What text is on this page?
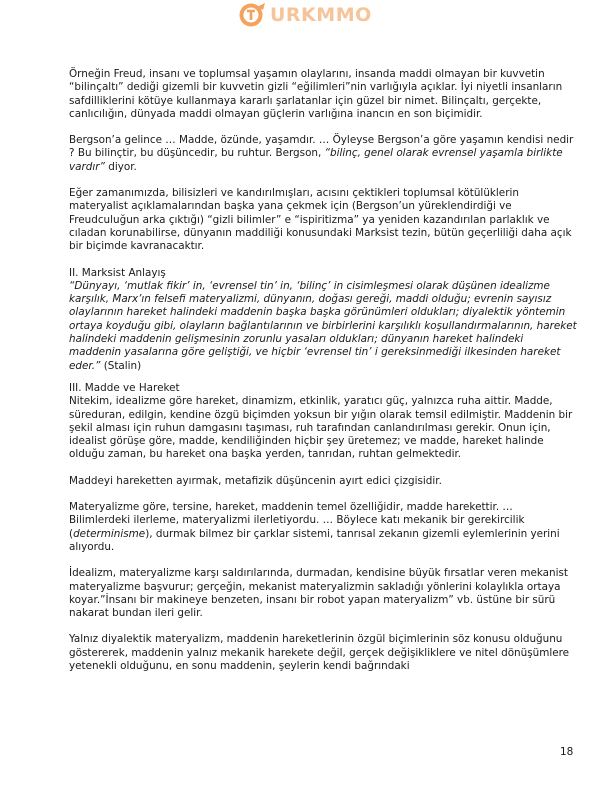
URKMMO

Örneğin Freud, insanı ve toplumsal yaşamın olaylarını, insanda maddi olmayan bir kuvvetin “bilinçaltı” dediği gizemli bir kuvvetin gizli “eğilimleri”nin varlığıyla açıklar. İyi niyetli insanların safdilliklerini kötüye kullanmaya kararlı şarlatanlar için güzel bir nimet. Bilinçaltı, gerçekte, canlıcılığın, dünyada maddi olmayan güçlerin varlığına inancın en son biçimidir.

Bergson’a gelince … Madde, özünde, yaşamdır. … Öyleyse Bergson’a göre yaşamın kendisi nedir ? Bu bilinçtir, bu düşüncedir, bu ruhtur. Bergson, “bilinç, genel olarak evrensel yaşamla birlikte vardır” diyor.

Eğer zamanımızda, bilisizleri ve kandırılmışları, acısını çektikleri toplumsal kötülüklerin materyalist açıklamalarından başka yana çekmek için (Bergson’un yüreklendirdiği ve Freudculuğun arka çıktığı) “gizli bilimler” e “ispiritizma” ya yeniden kazandırılan parlaklık ve cıladan korunabilirse, dünyanın maddiliği konusundaki Marksist tezin, bütün geçerliliği daha açık bir biçimde kavranacaktır.

II. Marksist Anlayış

“Dünyayı, ‘mutlak fikir’ in, ‘evrensel tin’ in, ‘bilinç’ in cisimleşmesi olarak düşünen idealizme karşılık, Marx’ın felsefi materyalizmi, dünyanın, doğası gereği, maddi olduğu; evrenin sayısız olaylarının hareket halindeki maddenin başka başka görünümleri oldukları; diyalektik yöntemin ortaya koyduğu gibi, olayların bağlantılarının ve birbirlerini karşılıklı koşullandırmalarının, hareket halindeki maddenin gelişmesinin zorunlu yasaları oldukları; dünyanın hareket halindeki maddenin yasalarına göre geliştiği, ve hiçbir ‘evrensel tin’ i gereksinmediği ilkesinden hareket eder.” (Stalin)

III. Madde ve Hareket

Nitekim, idealizme göre hareket, dinamizm, etkinlik, yaratıcı güç, yalnızca ruha aittir. Madde, süreduran, edilgin, kendine özgü biçimden yoksun bir yığın olarak temsil edilmiştir. Maddenin bir şekil alması için ruhun damgasını taşıması, ruh tarafından canlandırılması gerekir. Onun için, idealist görüşe göre, madde, kendiliğinden hiçbir şey üretemez; ve madde, hareket halinde olduğu zaman, bu hareket ona başka yerden, tanrıdan, ruhtan gelmektedir.

Maddeyi hareketten ayırmak, metafizik düşüncenin ayırt edici çizgisidir.

Materyalizme göre, tersine, hareket, maddenin temel özelliğidir, madde harekettir. … Bilimlerdeki ilerleme, materyalizmi ilerletiyordu. … Böylece katı mekanik bir gerekircilik (determinisme), durmak bilmez bir çarklar sistemi, tanrısal zekanın gizemli eylemlerinin yerini alıyordu.

İdealizm, materyalizme karşı saldırılarında, durmadan, kendisine büyük fırsatlar veren mekanist materyalizme başvurur; gerçeğin, mekanist materyalizmin sakladığı yönlerini kolaylıkla ortaya koyar.”İnsanı bir makineye benzeten, insanı bir robot yapan materyalizm” vb. üstüne bir sürü nakarat bundan ileri gelir.

Yalnız diyalektik materyalizm, maddenin hareketlerinin özgül biçimlerinin söz konusu olduğunu göstererek, maddenin yalnız mekanik harekete değil, gerçek değişikliklere ve nitel dönüşümlere yetenekli olduğunu, en sonu maddenin, şeylerin kendi bağrındaki

18
